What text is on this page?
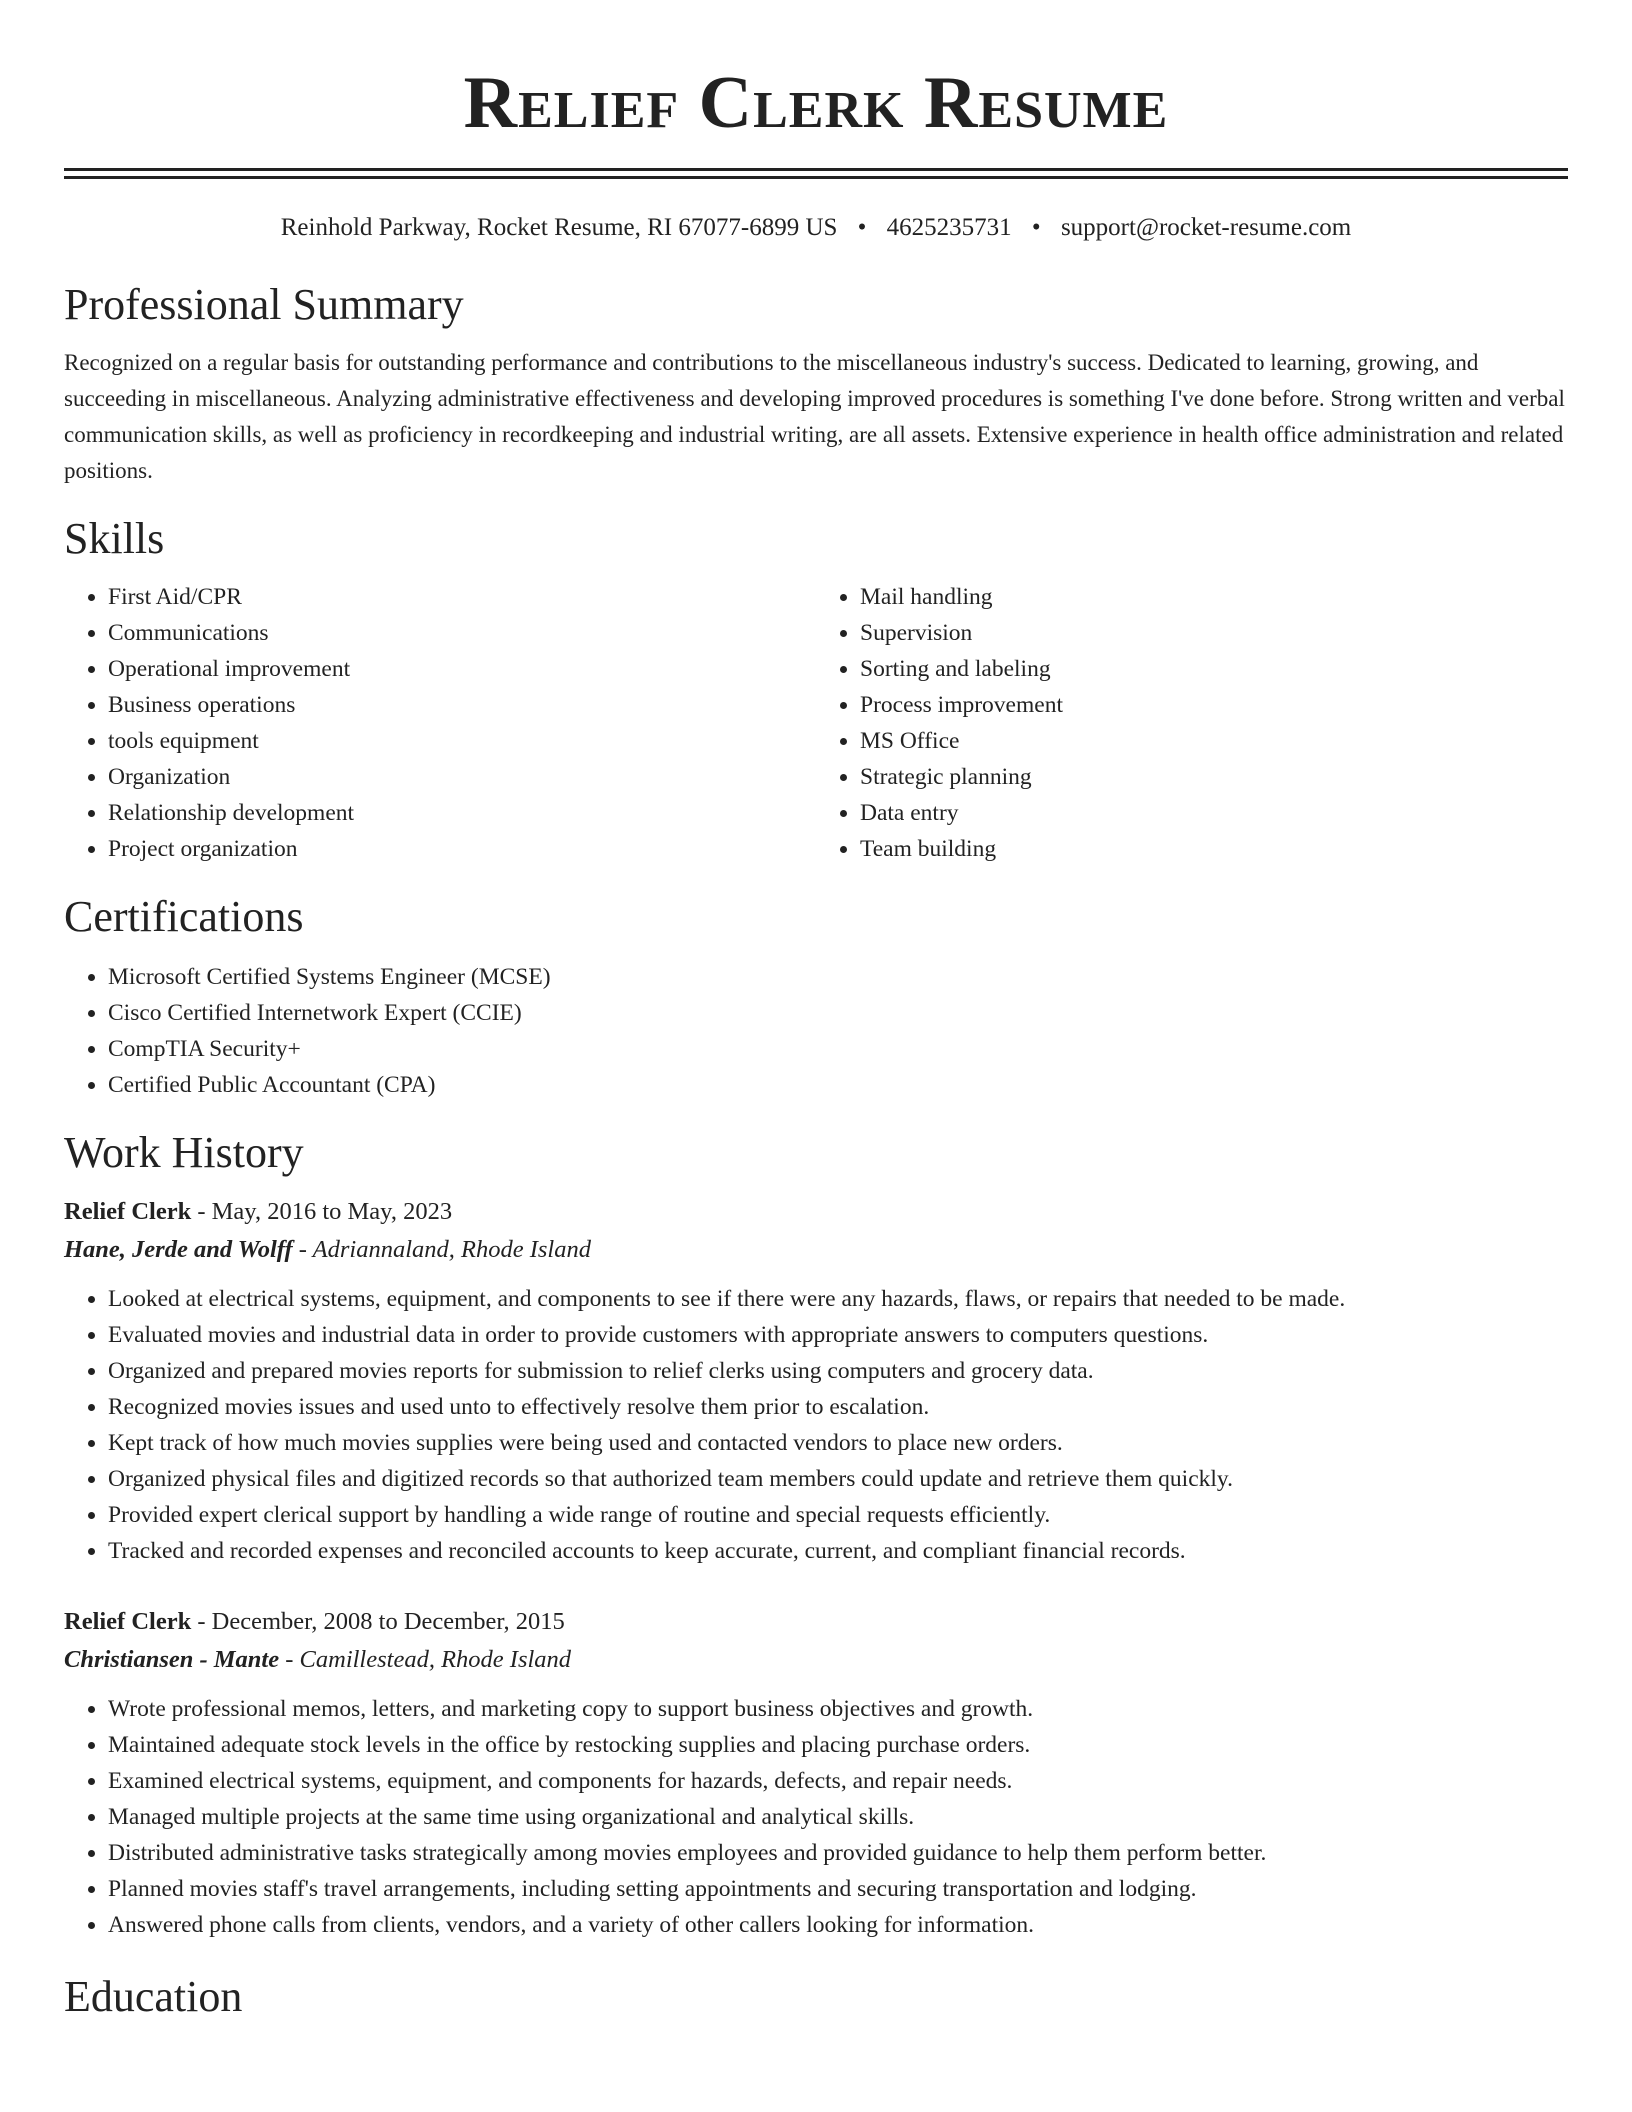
Relief Clerk Resume
Reinhold Parkway, Rocket Resume, RI 67077-6899 US • 4625235731 • support@rocket-resume.com
Professional Summary

Recognized on a regular basis for outstanding performance and contributions to the miscellaneous industry's success. Dedicated to learning, growing, and succeeding in miscellaneous. Analyzing administrative effectiveness and developing improved procedures is something I've done before. Strong written and verbal communication skills, as well as proficiency in recordkeeping and industrial writing, are all assets. Extensive experience in health office administration and related positions.

Skills
• First Aid/CPR
• Communications
• Operational improvement
• Business operations
• tools equipment
• Organization
• Relationship development
• Project organization
• Mail handling
• Supervision
• Sorting and labeling
• Process improvement
• MS Office
• Strategic planning
• Data entry
• Team building
Certifications
• Microsoft Certified Systems Engineer (MCSE)
• Cisco Certified Internetwork Expert (CCIE)
• CompTIA Security+
• Certified Public Accountant (CPA)
Work History
Relief Clerk - May, 2016 to May, 2023
Hane, Jerde and Wolff - Adriannaland, Rhode Island
• Looked at electrical systems, equipment, and components to see if there were any hazards, flaws, or repairs that needed to be made.
• Evaluated movies and industrial data in order to provide customers with appropriate answers to computers questions.
• Organized and prepared movies reports for submission to relief clerks using computers and grocery data.
• Recognized movies issues and used unto to effectively resolve them prior to escalation.
• Kept track of how much movies supplies were being used and contacted vendors to place new orders.
• Organized physical files and digitized records so that authorized team members could update and retrieve them quickly.
• Provided expert clerical support by handling a wide range of routine and special requests efficiently.
• Tracked and recorded expenses and reconciled accounts to keep accurate, current, and compliant financial records.
Relief Clerk - December, 2008 to December, 2015
Christiansen - Mante - Camillestead, Rhode Island
• Wrote professional memos, letters, and marketing copy to support business objectives and growth.
• Maintained adequate stock levels in the office by restocking supplies and placing purchase orders.
• Examined electrical systems, equipment, and components for hazards, defects, and repair needs.
• Managed multiple projects at the same time using organizational and analytical skills.
• Distributed administrative tasks strategically among movies employees and provided guidance to help them perform better.
• Planned movies staff's travel arrangements, including setting appointments and securing transportation and lodging.
• Answered phone calls from clients, vendors, and a variety of other callers looking for information.
Education
